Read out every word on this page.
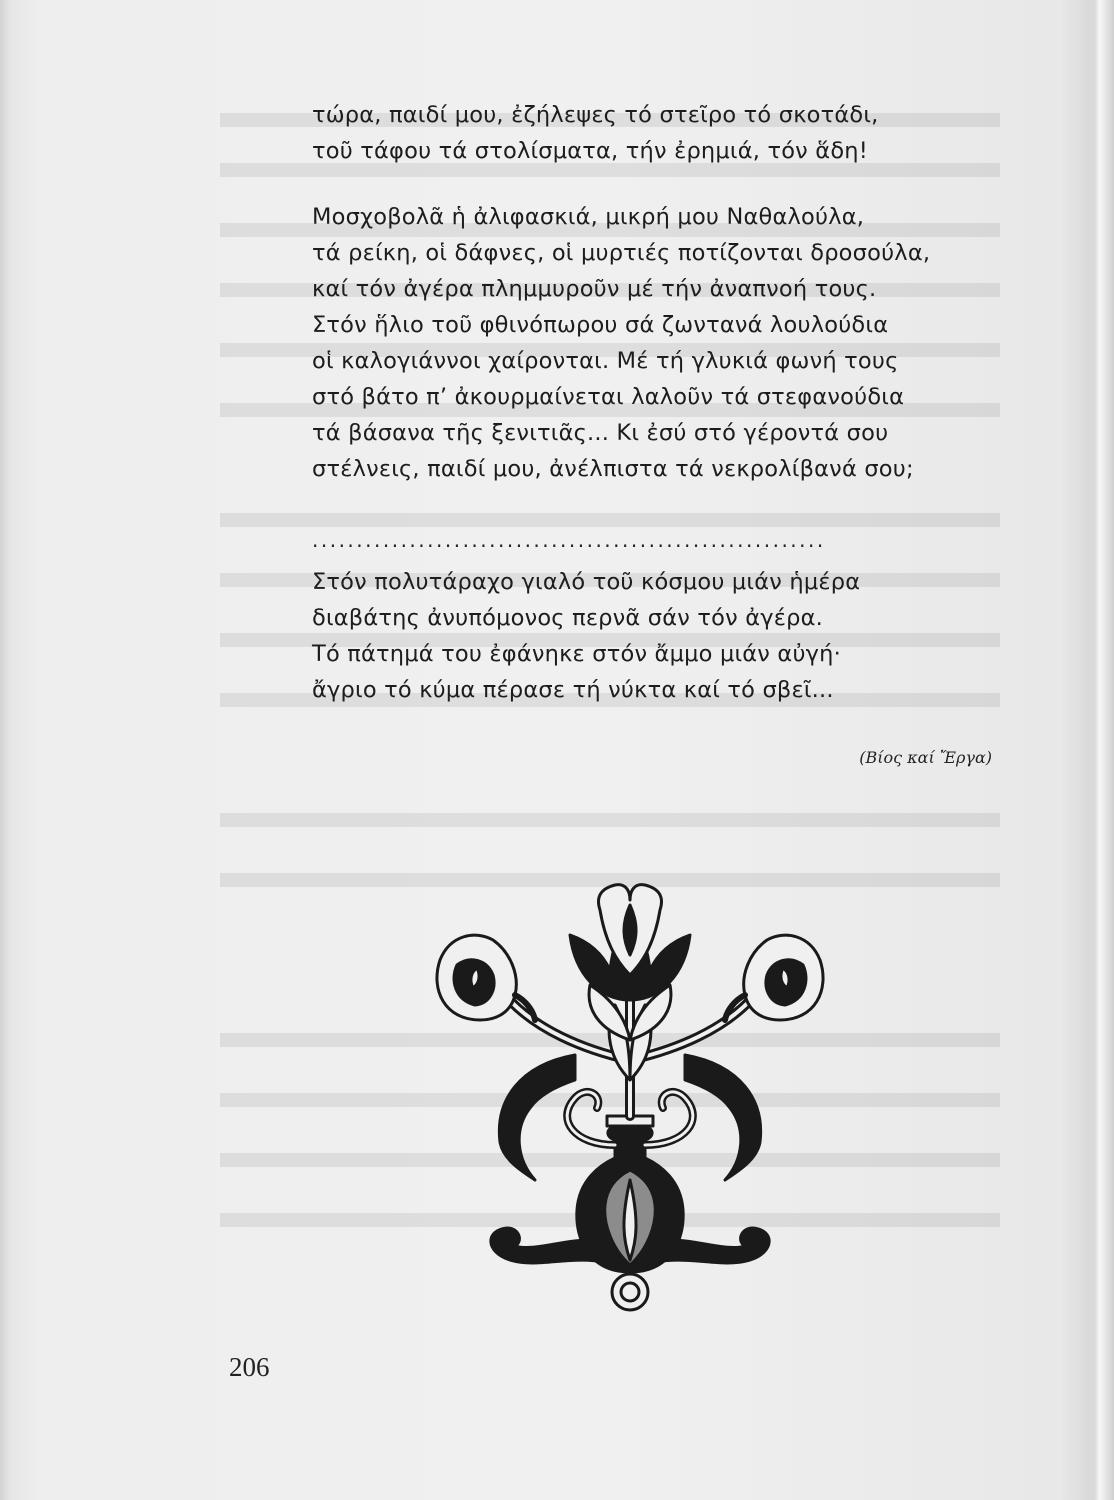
τώρα, παιδί μου, ἐζήλεψες τό στεῖρο τό σκοτάδι,
τοῦ τάφου τά στολίσματα, τήν ἐρημιά, τόν ἅδη!
Μοσχοβολᾶ ἡ ἀλιφασκιά, μικρή μου Ναθαλούλα,
τά ρείκη, οἱ δάφνες, οἱ μυρτιές ποτίζονται δροσούλα,
καί τόν ἀγέρα πλημμυροῦν μέ τήν ἀναπνοή τους.
Στόν ἥλιο τοῦ φθινόπωρου σά ζωντανά λουλούδια
οἱ καλογιάννοι χαίρονται. Μέ τή γλυκιά φωνή τους
στό βάτο π’ ἀκουρμαίνεται λαλοῦν τά στεφανούδια
τά βάσανα τῆς ξενιτιᾶς... Κι ἐσύ στό γέροντά σου
στέλνεις, παιδί μου, ἀνέλπιστα τά νεκρολίβανά σου;
..........................................................
Στόν πολυτάραχο γιαλό τοῦ κόσμου μιάν ἡμέρα
διαβάτης ἀνυπόμονος περνᾶ σάν τόν ἀγέρα.
Τό πάτημά του ἐφάνηκε στόν ἄμμο μιάν αὐγή·
ἄγριο τό κύμα πέρασε τή νύκτα καί τό σβεῖ...
(Βίος καί Ἔργα)
206
